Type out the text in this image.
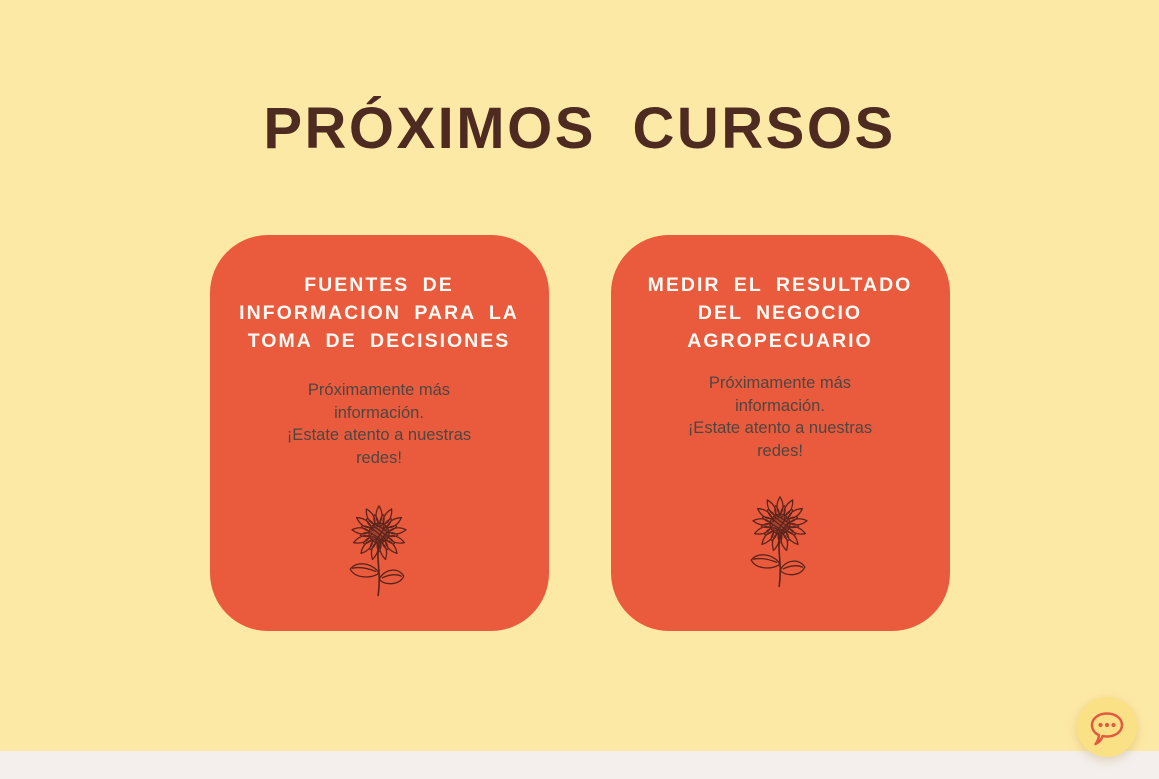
PRÓXIMOS CURSOS
FUENTES DE
INFORMACION PARA LA
TOMA DE DECISIONES
Próximamente más
información.
¡Estate atento a nuestras
redes!
MEDIR EL RESULTADO
DEL NEGOCIO
AGROPECUARIO
Próximamente más
información.
¡Estate atento a nuestras
redes!
